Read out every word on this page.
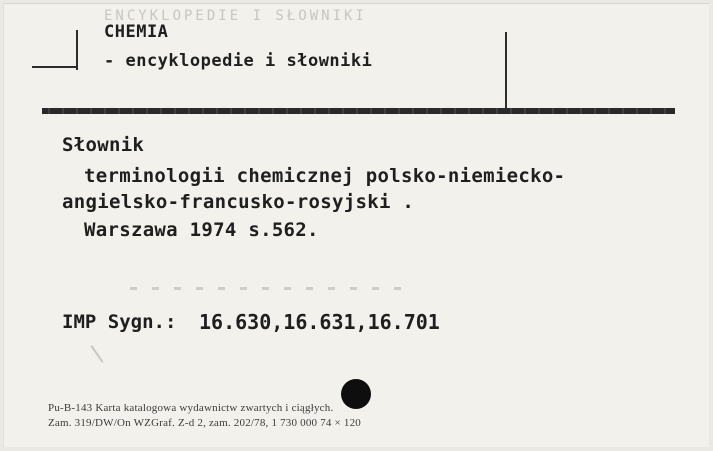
ENCYKLOPEDIE I SŁOWNIKI
CHEMIA
- encyklopedie i słowniki
Słownik
terminologii chemicznej polsko-niemiecko-
angielsko-francusko-rosyjski .
Warszawa 1974 s.562.
IMP Sygn.: 16.630,16.631,16.701
Pu-B-143 Karta katalogowa wydawnictw zwartych i ciągłych.
Zam. 319/DW/On WZGraf. Z-d 2, zam. 202/78, 1 730 000 74 × 120
